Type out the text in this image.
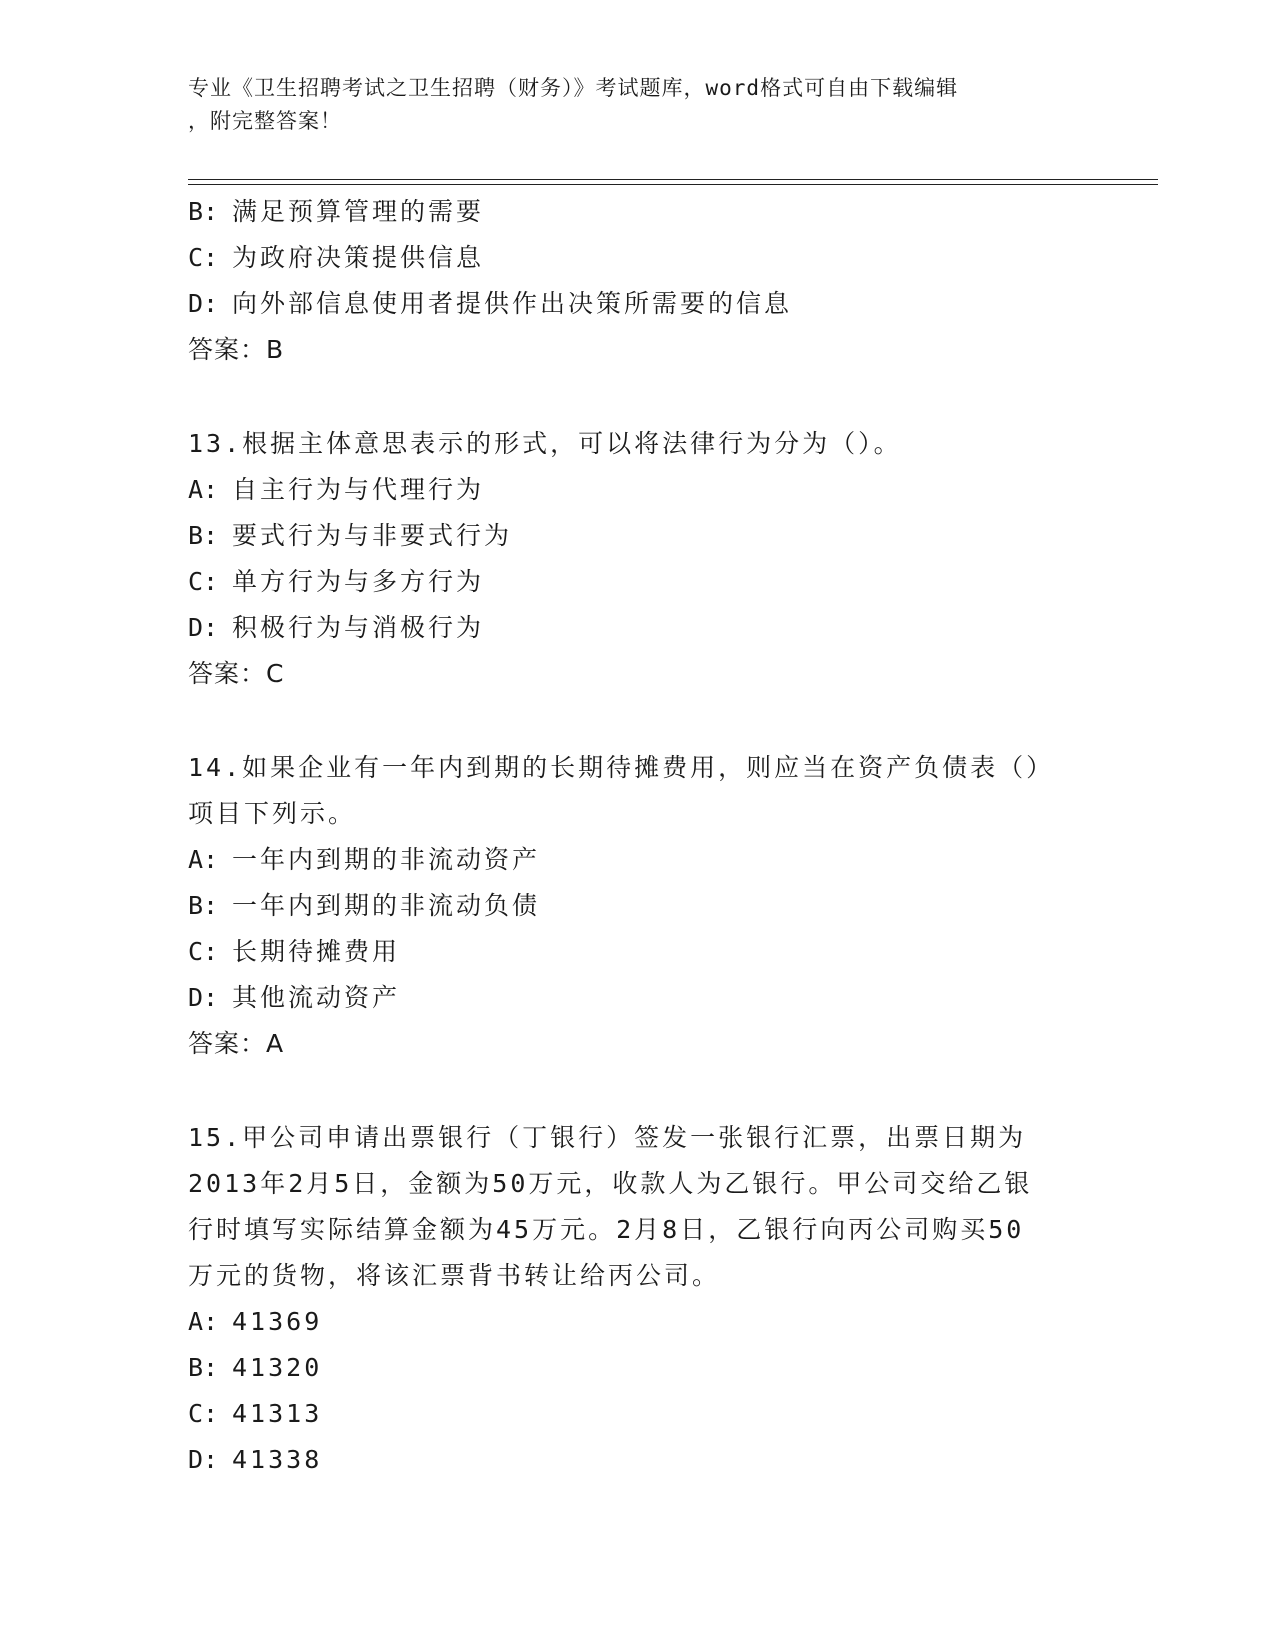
专业《卫生招聘考试之卫生招聘（财务）》考试题库，word格式可自由下载编辑
，附完整答案！
B: 满足预算管理的需要
C: 为政府决策提供信息
D: 向外部信息使用者提供作出决策所需要的信息
答案：B
13.根据主体意思表示的形式，可以将法律行为分为（）。
A: 自主行为与代理行为
B: 要式行为与非要式行为
C: 单方行为与多方行为
D: 积极行为与消极行为
答案：C
14.如果企业有一年内到期的长期待摊费用，则应当在资产负债表（）
项目下列示。
A: 一年内到期的非流动资产
B: 一年内到期的非流动负债
C: 长期待摊费用
D: 其他流动资产
答案：A
15.甲公司申请出票银行（丁银行）签发一张银行汇票，出票日期为
2013年2月5日，金额为50万元，收款人为乙银行。甲公司交给乙银
行时填写实际结算金额为45万元。2月8日，乙银行向丙公司购买50
万元的货物，将该汇票背书转让给丙公司。
A: 41369
B: 41320
C: 41313
D: 41338
